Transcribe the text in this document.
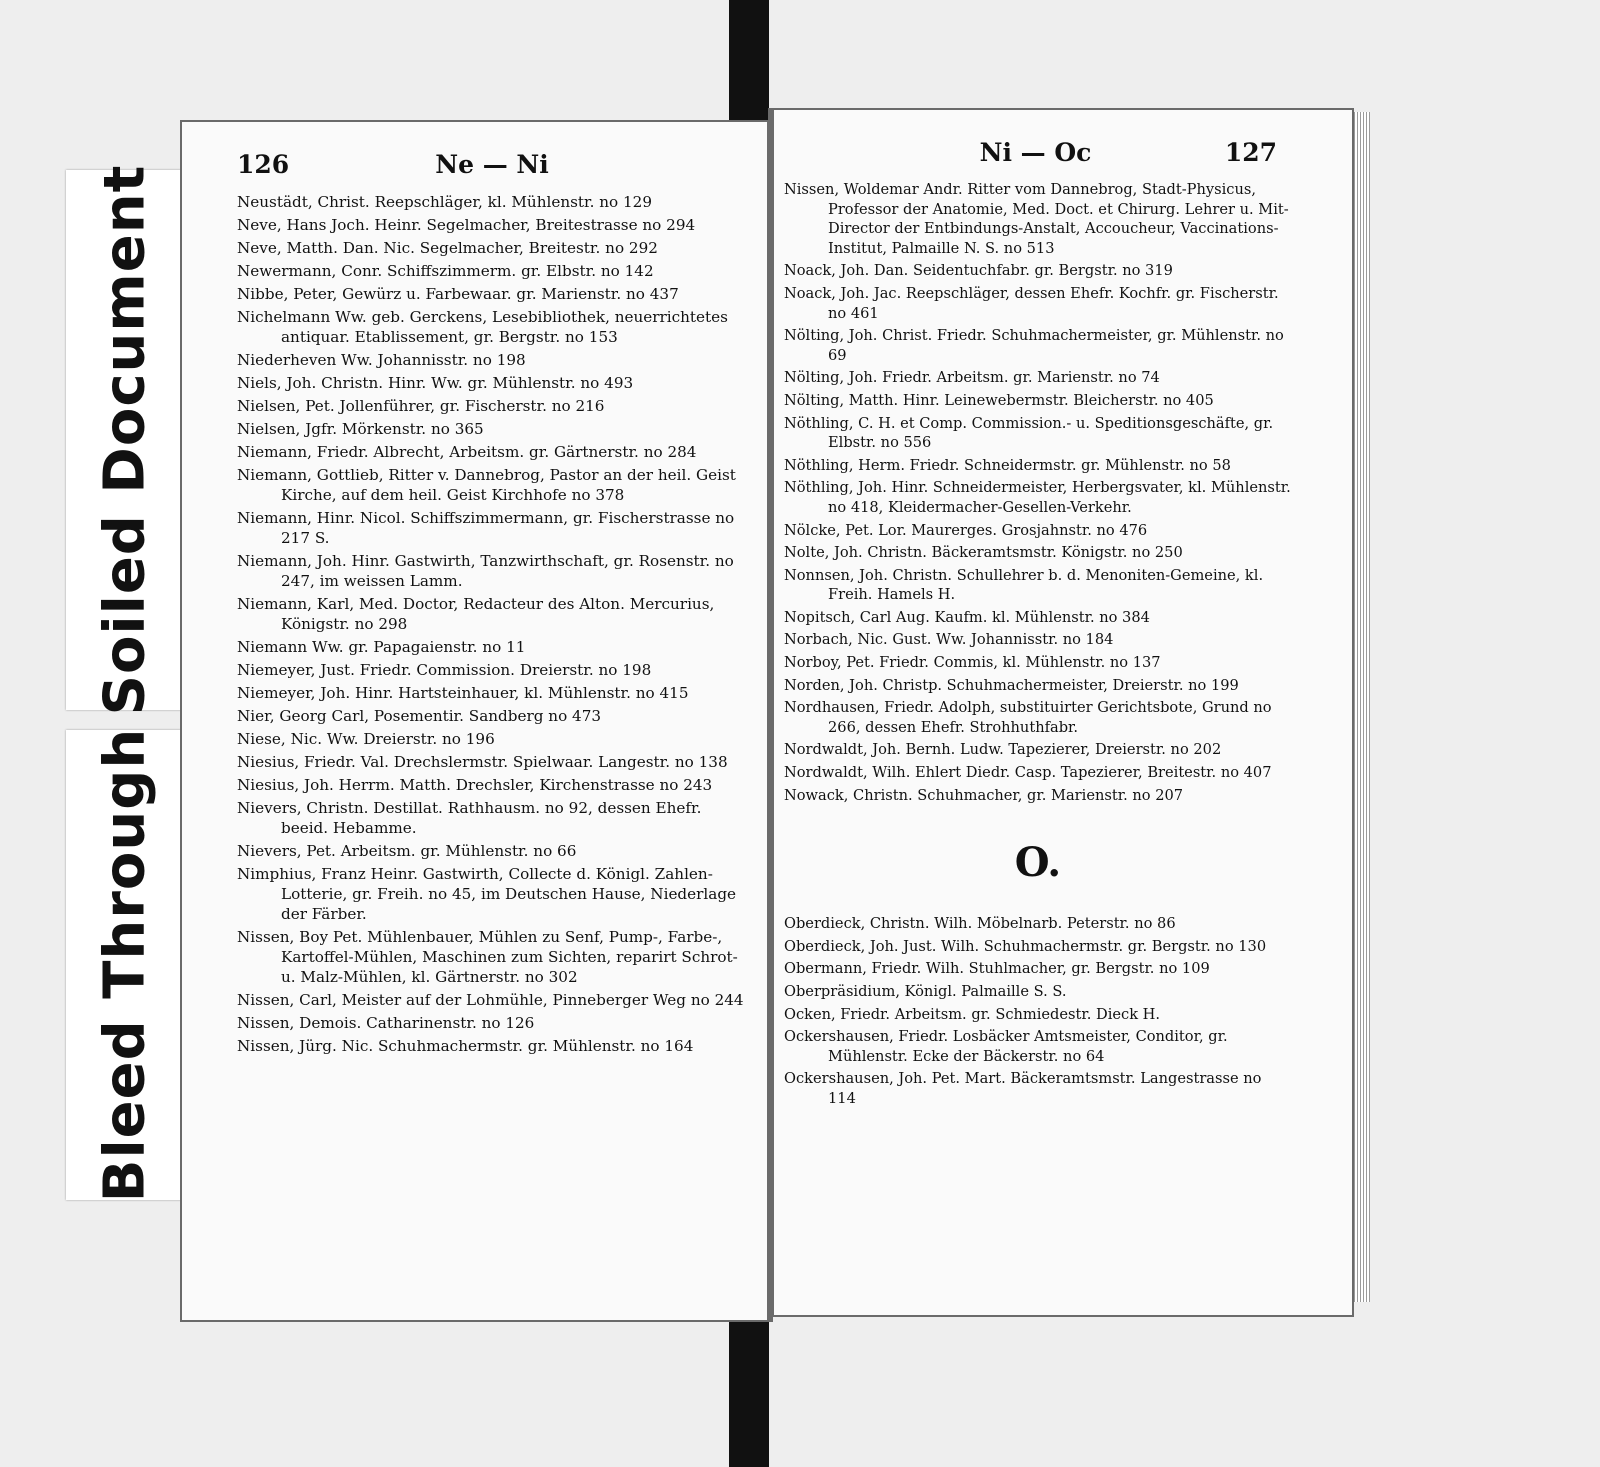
Soiled Document
Bleed Through
126	Ne — Ni
Neustädt, Christ. Reepschläger, kl. Mühlenstr. no 129
Neve, Hans Joch. Heinr. Segelmacher, Breitestrasse no 294
Neve, Matth. Dan. Nic. Segelmacher, Breitestr. no 292
Newermann, Conr. Schiffszimmerm. gr. Elbstr. no 142
Nibbe, Peter, Gewürz u. Farbewaar. gr. Marienstr. no 437
Nichelmann Ww. geb. Gerckens, Lesebibliothek, neuerrichtetes antiquar. Etablissement, gr. Bergstr. no 153
Niederheven Ww. Johannisstr. no 198
Niels, Joh. Christn. Hinr. Ww. gr. Mühlenstr. no 493
Nielsen, Pet. Jollenführer, gr. Fischerstr. no 216
Nielsen, Jgfr. Mörkenstr. no 365
Niemann, Friedr. Albrecht, Arbeitsm. gr. Gärtnerstr. no 284
Niemann, Gottlieb, Ritter v. Dannebrog, Pastor an der heil. Geist Kirche, auf dem heil. Geist Kirchhofe no 378
Niemann, Hinr. Nicol. Schiffszimmermann, gr. Fischerstrasse no 217 S.
Niemann, Joh. Hinr. Gastwirth, Tanzwirthschaft, gr. Rosenstr. no 247, im weissen Lamm.
Niemann, Karl, Med. Doctor, Redacteur des Alton. Mercurius, Königstr. no 298
Niemann Ww. gr. Papagaienstr. no 11
Niemeyer, Just. Friedr. Commission. Dreierstr. no 198
Niemeyer, Joh. Hinr. Hartsteinhauer, kl. Mühlenstr. no 415
Nier, Georg Carl, Posementir. Sandberg no 473
Niese, Nic. Ww. Dreierstr. no 196
Niesius, Friedr. Val. Drechslermstr. Spielwaar. Langestr. no 138
Niesius, Joh. Herrm. Matth. Drechsler, Kirchenstrasse no 243
Nievers, Christn. Destillat. Rathhausm. no 92, dessen Ehefr. beeid. Hebamme.
Nievers, Pet. Arbeitsm. gr. Mühlenstr. no 66
Nimphius, Franz Heinr. Gastwirth, Collecte d. Königl. Zahlen-Lotterie, gr. Freih. no 45, im Deutschen Hause, Niederlage der Färber.
Nissen, Boy Pet. Mühlenbauer, Mühlen zu Senf, Pump-, Farbe-, Kartoffel-Mühlen, Maschinen zum Sichten, reparirt Schrot- u. Malz-Mühlen, kl. Gärtnerstr. no 302
Nissen, Carl, Meister auf der Lohmühle, Pinneberger Weg no 244
Nissen, Demois. Catharinenstr. no 126
Nissen, Jürg. Nic. Schuhmachermstr. gr. Mühlenstr. no 164
Ni — Oc	127
Nissen, Woldemar Andr. Ritter vom Dannebrog, Stadt-Physicus, Professor der Anatomie, Med. Doct. et Chirurg. Lehrer u. Mit-Director der Entbindungs-Anstalt, Accoucheur, Vaccinations-Institut, Palmaille N. S. no 513
Noack, Joh. Dan. Seidentuchfabr. gr. Bergstr. no 319
Noack, Joh. Jac. Reepschläger, dessen Ehefr. Kochfr. gr. Fischerstr. no 461
Nölting, Joh. Christ. Friedr. Schuhmachermeister, gr. Mühlenstr. no 69
Nölting, Joh. Friedr. Arbeitsm. gr. Marienstr. no 74
Nölting, Matth. Hinr. Leinewebermstr. Bleicherstr. no 405
Nöthling, C. H. et Comp. Commission.- u. Speditionsgeschäfte, gr. Elbstr. no 556
Nöthling, Herm. Friedr. Schneidermstr. gr. Mühlenstr. no 58
Nöthling, Joh. Hinr. Schneidermeister, Herbergsvater, kl. Mühlenstr. no 418, Kleidermacher-Gesellen-Verkehr.
Nölcke, Pet. Lor. Maurerges. Grosjahnstr. no 476
Nolte, Joh. Christn. Bäckeramtsmstr. Königstr. no 250
Nonnsen, Joh. Christn. Schullehrer b. d. Menoniten-Gemeine, kl. Freih. Hamels H.
Nopitsch, Carl Aug. Kaufm. kl. Mühlenstr. no 384
Norbach, Nic. Gust. Ww. Johannisstr. no 184
Norboy, Pet. Friedr. Commis, kl. Mühlenstr. no 137
Norden, Joh. Christp. Schuhmachermeister, Dreierstr. no 199
Nordhausen, Friedr. Adolph, substituirter Gerichtsbote, Grund no 266, dessen Ehefr. Strohhuthfabr.
Nordwaldt, Joh. Bernh. Ludw. Tapezierer, Dreierstr. no 202
Nordwaldt, Wilh. Ehlert Diedr. Casp. Tapezierer, Breitestr. no 407
Nowack, Christn. Schuhmacher, gr. Marienstr. no 207
O.
Oberdieck, Christn. Wilh. Möbelnarb. Peterstr. no 86
Oberdieck, Joh. Just. Wilh. Schuhmachermstr. gr. Bergstr. no 130
Obermann, Friedr. Wilh. Stuhlmacher, gr. Bergstr. no 109
Oberpräsidium, Königl. Palmaille S. S.
Ocken, Friedr. Arbeitsm. gr. Schmiedestr. Dieck H.
Ockershausen, Friedr. Losbäcker Amtsmeister, Conditor, gr. Mühlenstr. Ecke der Bäckerstr. no 64
Ockershausen, Joh. Pet. Mart. Bäckeramtsmstr. Langestrasse no 114
